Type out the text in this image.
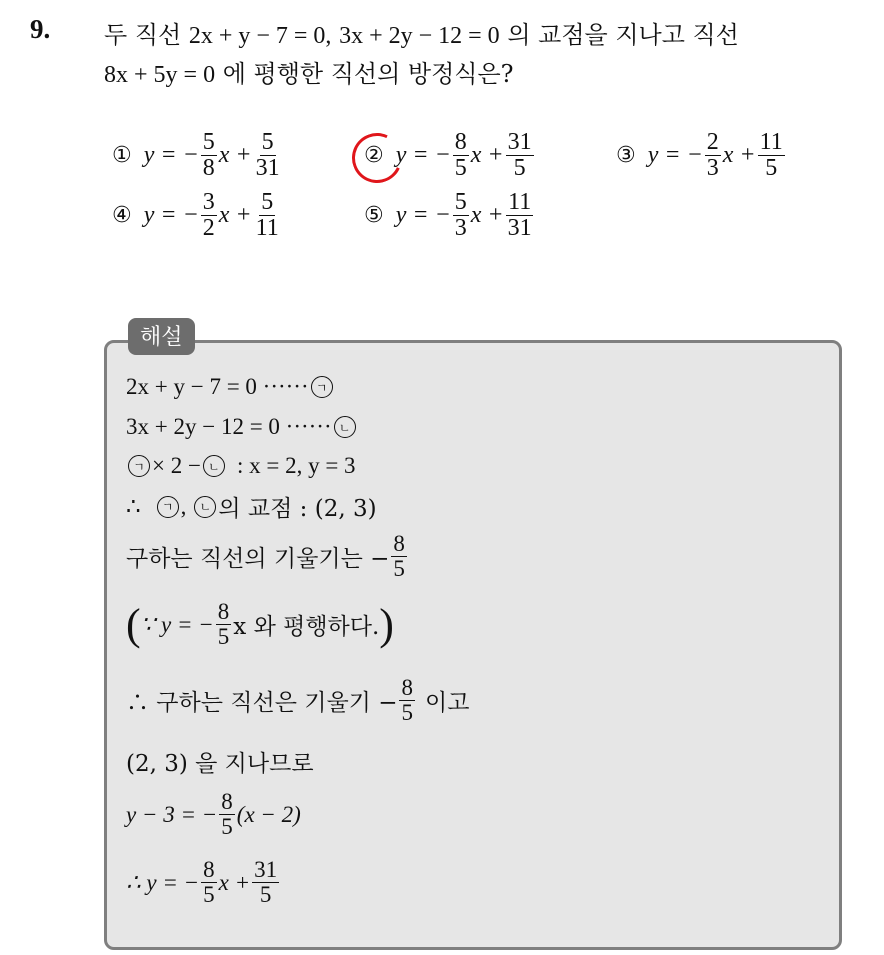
9. 두 직선 2x + y − 7 = 0, 3x + 2y − 12 = 0 의 교점을 지나고 직선
8x + 5y = 0 에 평행한 직선의 방정식은?
① y = − $\frac{5}{8}$ $x + \frac{5}{31}$	② y = − $\frac{8}{5}$ $x + \frac{31}{5}$	③ y = − $\frac{2}{3}$ $x + \frac{11}{5}$
④ y = − $\frac{3}{2}$ $x + \frac{5}{11}$	⑤ y = − $\frac{5}{3}$ $x + \frac{11}{31}$
해설
2x + y − 7 = 0 ······ ㄱ
3x + 2y − 12 = 0 ······ ㄴ
ㄱ × 2 − ㄴ : x = 2, y = 3
∴	ㄱ ,	ㄴ 의 교점 : (2, 3)
구하는 직선의 기울기는 − $\frac{8}{5}$
( ∵ y = − $\frac{8}{5}$ x 와 평행하다. )
∴ 구하는 직선은 기울기 − $\frac{8}{5}$ 이고
(2, 3) 을 지나므로
y − 3 = − $\frac{8}{5} (x - 2)$
∴ y = − $\frac{8}{5}$ $x + \frac{31}{5}$
